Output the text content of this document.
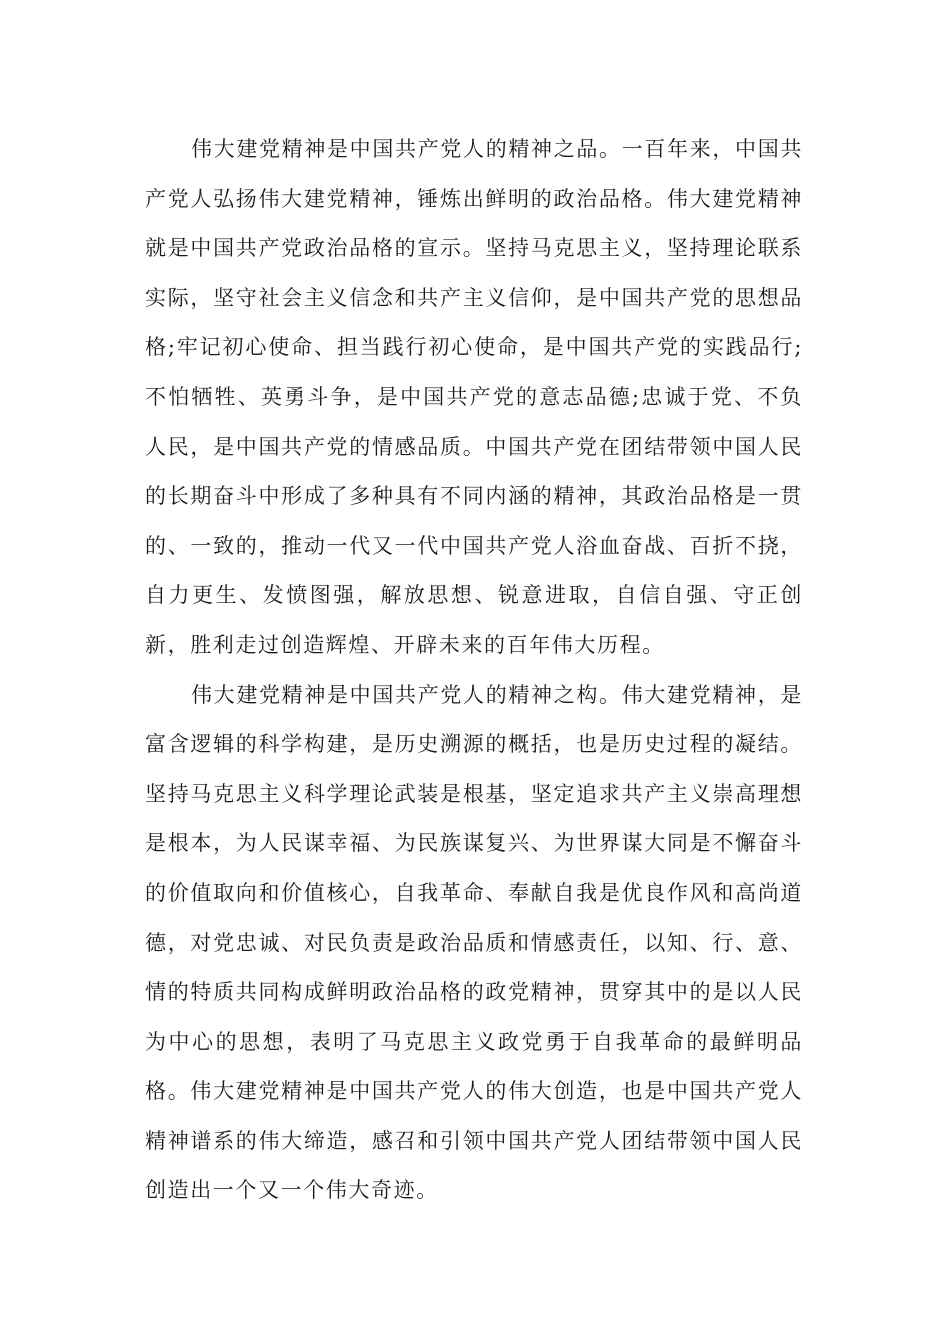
伟大建党精神是中国共产党人的精神之品。一百年来，中国共产党人弘扬伟大建党精神，锤炼出鲜明的政治品格。伟大建党精神就是中国共产党政治品格的宣示。坚持马克思主义，坚持理论联系实际，坚守社会主义信念和共产主义信仰，是中国共产党的思想品格;牢记初心使命、担当践行初心使命，是中国共产党的实践品行;不怕牺牲、英勇斗争，是中国共产党的意志品德;忠诚于党、不负人民，是中国共产党的情感品质。中国共产党在团结带领中国人民的长期奋斗中形成了多种具有不同内涵的精神，其政治品格是一贯的、一致的，推动一代又一代中国共产党人浴血奋战、百折不挠，自力更生、发愤图强，解放思想、锐意进取，自信自强、守正创新，胜利走过创造辉煌、开辟未来的百年伟大历程。

伟大建党精神是中国共产党人的精神之构。伟大建党精神，是富含逻辑的科学构建，是历史溯源的概括，也是历史过程的凝结。坚持马克思主义科学理论武装是根基，坚定追求共产主义崇高理想是根本，为人民谋幸福、为民族谋复兴、为世界谋大同是不懈奋斗的价值取向和价值核心，自我革命、奉献自我是优良作风和高尚道德，对党忠诚、对民负责是政治品质和情感责任，以知、行、意、情的特质共同构成鲜明政治品格的政党精神，贯穿其中的是以人民为中心的思想，表明了马克思主义政党勇于自我革命的最鲜明品格。伟大建党精神是中国共产党人的伟大创造，也是中国共产党人精神谱系的伟大缔造，感召和引领中国共产党人团结带领中国人民创造出一个又一个伟大奇迹。
